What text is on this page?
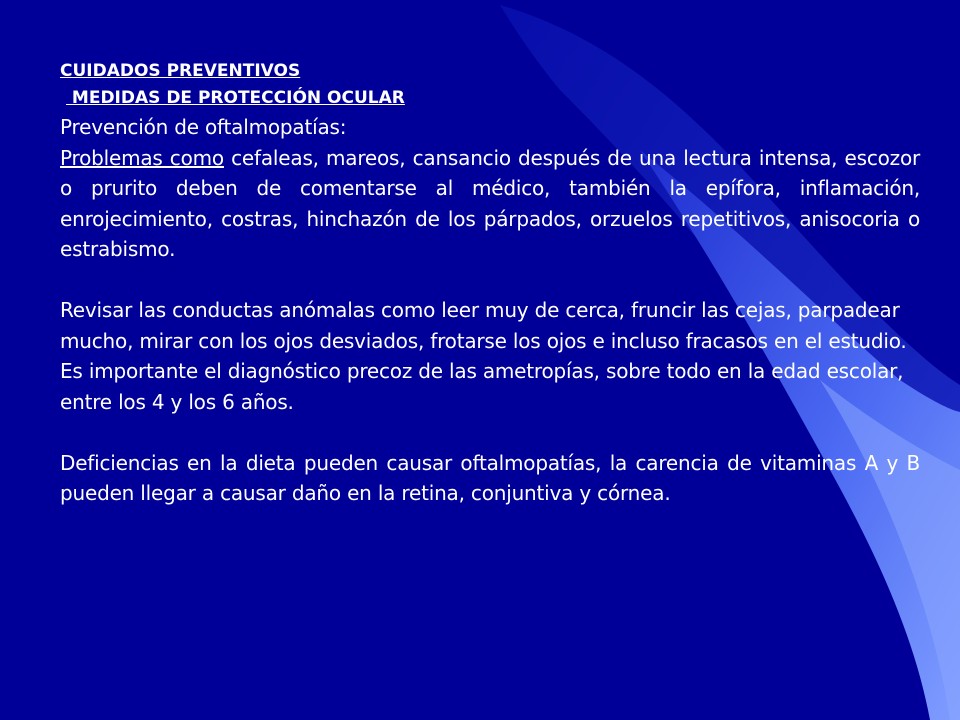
CUIDADOS PREVENTIVOS
MEDIDAS DE PROTECCIÓN OCULAR
Prevención de oftalmopatías:

Problemas como cefaleas, mareos, cansancio después de una lectura intensa, escozor o prurito deben de comentarse al médico, también la epífora, inflamación, enrojecimiento, costras, hinchazón de los párpados, orzuelos repetitivos, anisocoria o estrabismo.

Revisar las conductas anómalas como leer muy de cerca, fruncir las cejas, parpadear mucho, mirar con los ojos desviados, frotarse los ojos e incluso fracasos en el estudio.

Es importante el diagnóstico precoz de las ametropías, sobre todo en la edad escolar, entre los 4 y los 6 años.

Deficiencias en la dieta pueden causar oftalmopatías, la carencia de vitaminas A y B pueden llegar a causar daño en la retina, conjuntiva y córnea.
